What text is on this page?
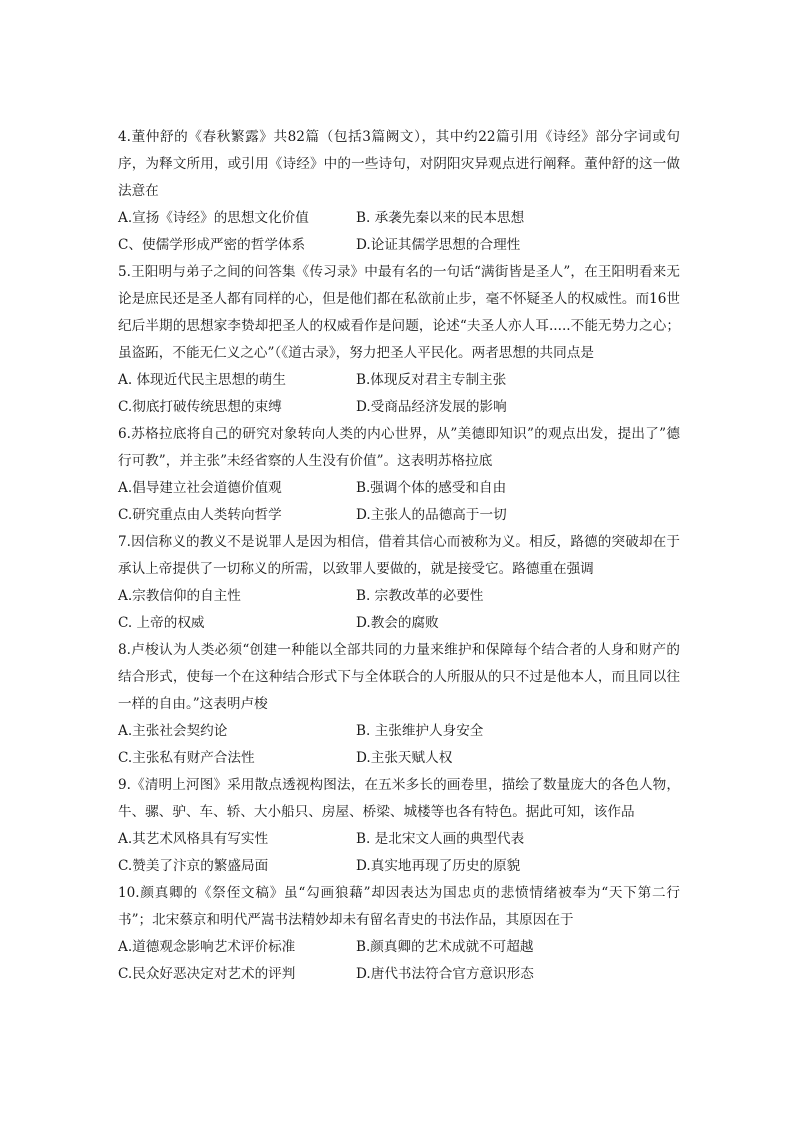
4.董仲舒的《春秋繁露》共82篇（包括3篇阙文），其中约22篇引用《诗经》部分字词或句序，为释文所用，或引用《诗经》中的一些诗句，对阴阳灾异观点进行阐释。董仲舒的这一做法意在

A.宣扬《诗经》的思想文化价值	B. 承袭先秦以来的民本思想
C、使儒学形成严密的哲学体系	D.论证其儒学思想的合理性

5.王阳明与弟子之间的问答集《传习录》中最有名的一句话“满街皆是圣人”，在王阳明看来无论是庶民还是圣人都有同样的心，但是他们都在私欲前止步，毫不怀疑圣人的权威性。而16世纪后半期的思想家李贽却把圣人的权威看作是问题，论述“夫圣人亦人耳.....不能无势力之心；虽盗跖，不能无仁义之心”（《道古录》，努力把圣人平民化。两者思想的共同点是

A. 体现近代民主思想的萌生	B.体现反对君主专制主张
C.彻底打破传统思想的束缚	D.受商品经济发展的影响

6.苏格拉底将自己的研究对象转向人类的内心世界，从”美德即知识”的观点出发，提出了”德行可教”，并主张”未经省察的人生没有价值”。这表明苏格拉底

A.倡导建立社会道德价值观	B.强调个体的感受和自由
C.研究重点由人类转向哲学	D.主张人的品德高于一切

7.因信称义的教义不是说罪人是因为相信，借着其信心而被称为义。相反，路德的突破却在于承认上帝提供了一切称义的所需，以致罪人要做的，就是接受它。路德重在强调

A.宗教信仰的自主性	B. 宗教改革的必要性
C. 上帝的权威	D.教会的腐败

8.卢梭认为人类必须“创建一种能以全部共同的力量来维护和保障每个结合者的人身和财产的结合形式，使每一个在这种结合形式下与全体联合的人所服从的只不过是他本人，而且同以往一样的自由。”这表明卢梭

A.主张社会契约论	B. 主张维护人身安全
C.主张私有财产合法性	D.主张天赋人权

9.《清明上河图》采用散点透视构图法，在五米多长的画卷里，描绘了数量庞大的各色人物，牛、骡、驴、车、轿、大小船只、房屋、桥梁、城楼等也各有特色。据此可知，该作品

A.其艺术风格具有写实性	B. 是北宋文人画的典型代表
C.赞美了汴京的繁盛局面	D.真实地再现了历史的原貌

10.颜真卿的《祭侄文稿》虽“勾画狼藉”却因表达为国忠贞的悲愤情绪被奉为“天下第二行书”；北宋蔡京和明代严嵩书法精妙却未有留名青史的书法作品，其原因在于

A.道德观念影响艺术评价标准	B.颜真卿的艺术成就不可超越
C.民众好恶决定对艺术的评判	D.唐代书法符合官方意识形态
